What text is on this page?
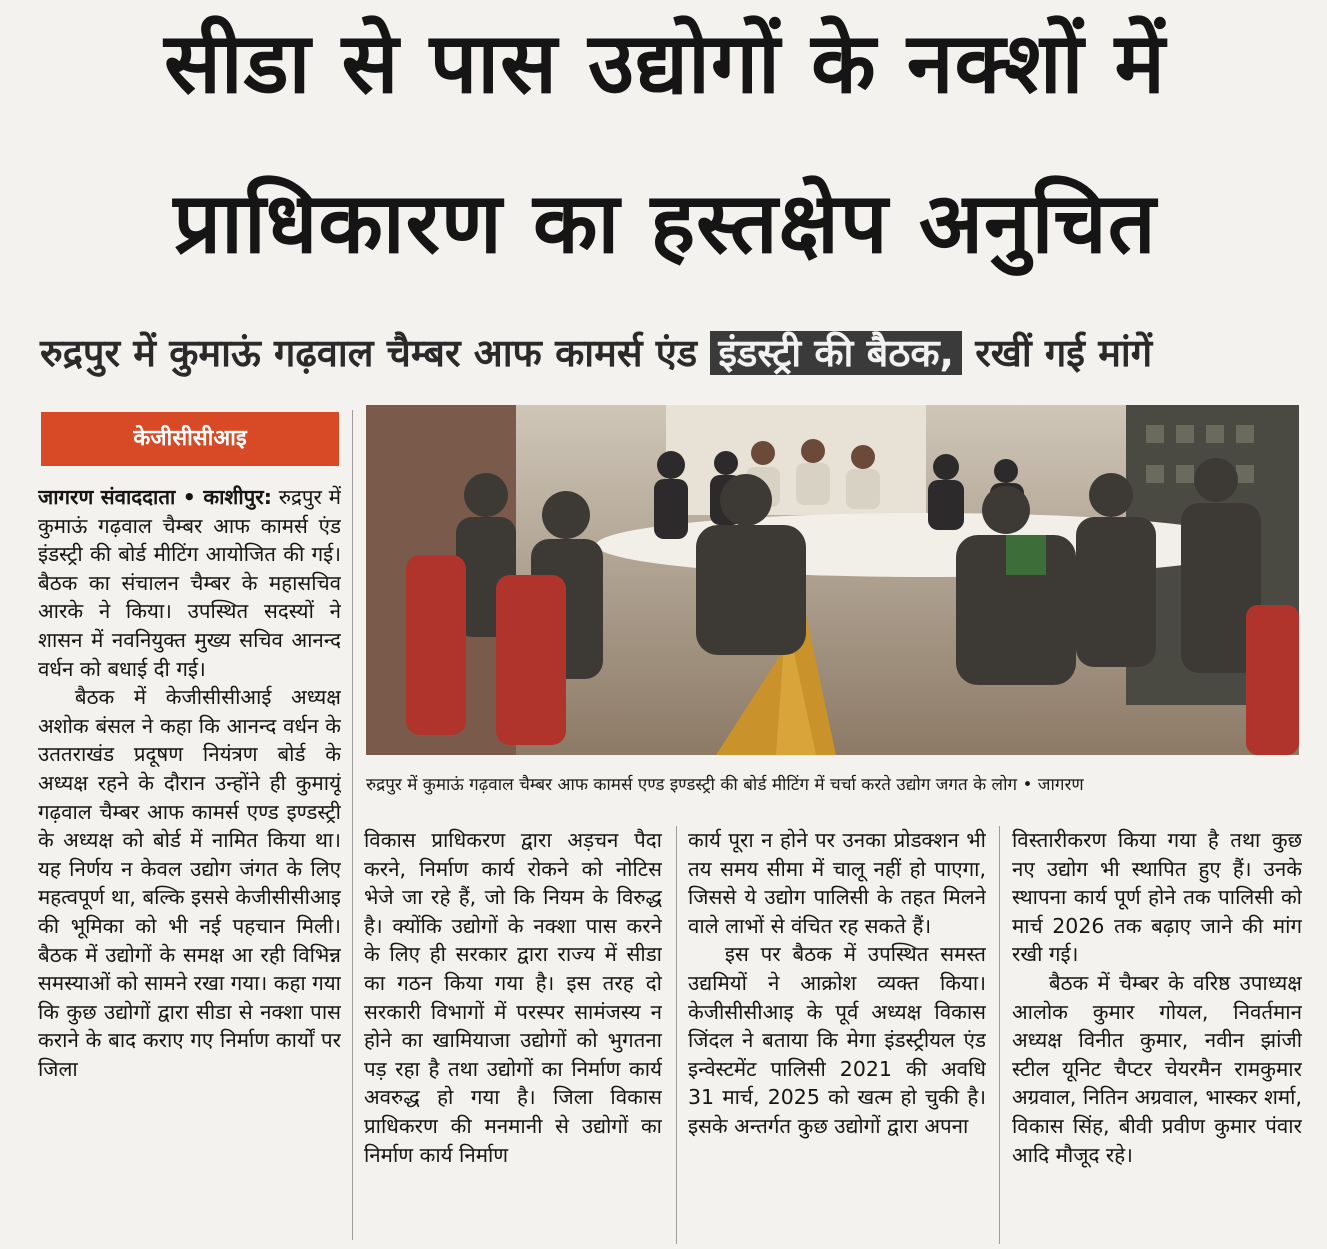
सीडा से पास उद्योगों के नक्शों में
प्राधिकारण का हस्तक्षेप अनुचित
रुद्रपुर में कुमाऊं गढ़वाल चैम्बर आफ कामर्स एंड इंडस्ट्री की बैठक, रखीं गई मांगें
केजीसीसीआइ

जागरण संवाददाता • काशीपुर: रुद्रपुर में कुमाऊं गढ़वाल चैम्बर आफ कामर्स एंड इंडस्ट्री की बोर्ड मीटिंग आयोजित की गई। बैठक का संचालन चैम्बर के महासचिव आरके ने किया। उपस्थित सदस्यों ने शासन में नवनियुक्त मुख्य सचिव आनन्द वर्धन को बधाई दी गई।

बैठक में केजीसीसीआई अध्यक्ष अशोक बंसल ने कहा कि आनन्द वर्धन के उततराखंड प्रदूषण नियंत्रण बोर्ड के अध्यक्ष रहने के दौरान उन्होंने ही कुमायूं गढ़वाल चैम्बर आफ कामर्स एण्ड इण्डस्ट्री के अध्यक्ष को बोर्ड में नामित किया था। यह निर्णय न केवल उद्योग जंगत के लिए महत्वपूर्ण था, बल्कि इससे केजीसीसीआइ की भूमिका को भी नई पहचान मिली। बैठक में उद्योगों के समक्ष आ रही विभिन्न समस्याओं को सामने रखा गया। कहा गया कि कुछ उद्योगों द्वारा सीडा से नक्शा पास कराने के बाद कराए गए निर्माण कार्यों पर जिला

रुद्रपुर में कुमाऊं गढ़वाल चैम्बर आफ कामर्स एण्ड इण्डस्ट्री की बोर्ड मीटिंग में चर्चा करते उद्योग जगत के लोग • जागरण

विकास प्राधिकरण द्वारा अड़चन पैदा करने, निर्माण कार्य रोकने को नोटिस भेजे जा रहे हैं, जो कि नियम के विरुद्ध है। क्योंकि उद्योगों के नक्शा पास करने के लिए ही सरकार द्वारा राज्य में सीडा का गठन किया गया है। इस तरह दो सरकारी विभागों में परस्पर सामंजस्य न होने का खामियाजा उद्योगों को भुगतना पड़ रहा है तथा उद्योगों का निर्माण कार्य अवरुद्ध हो गया है। जिला विकास प्राधिकरण की मनमानी से उद्योगों का निर्माण कार्य निर्माण

कार्य पूरा न होने पर उनका प्रोडक्शन भी तय समय सीमा में चालू नहीं हो पाएगा, जिससे ये उद्योग पालिसी के तहत मिलने वाले लाभों से वंचित रह सकते हैं।

इस पर बैठक में उपस्थित समस्त उद्यमियों ने आक्रोश व्यक्त किया। केजीसीसीआइ के पूर्व अध्यक्ष विकास जिंदल ने बताया कि मेगा इंडस्ट्रीयल एंड इन्वेस्टमेंट पालिसी 2021 की अवधि 31 मार्च, 2025 को खत्म हो चुकी है। इसके अन्तर्गत कुछ उद्योगों द्वारा अपना

विस्तारीकरण किया गया है तथा कुछ नए उद्योग भी स्थापित हुए हैं। उनके स्थापना कार्य पूर्ण होने तक पालिसी को मार्च 2026 तक बढ़ाए जाने की मांग रखी गई।

बैठक में चैम्बर के वरिष्ठ उपाध्यक्ष आलोक कुमार गोयल, निवर्तमान अध्यक्ष विनीत कुमार, नवीन झांजी स्टील यूनिट चैप्टर चेयरमैन रामकुमार अग्रवाल, नितिन अग्रवाल, भास्कर शर्मा, विकास सिंह, बीवी प्रवीण कुमार पंवार आदि मौजूद रहे।
